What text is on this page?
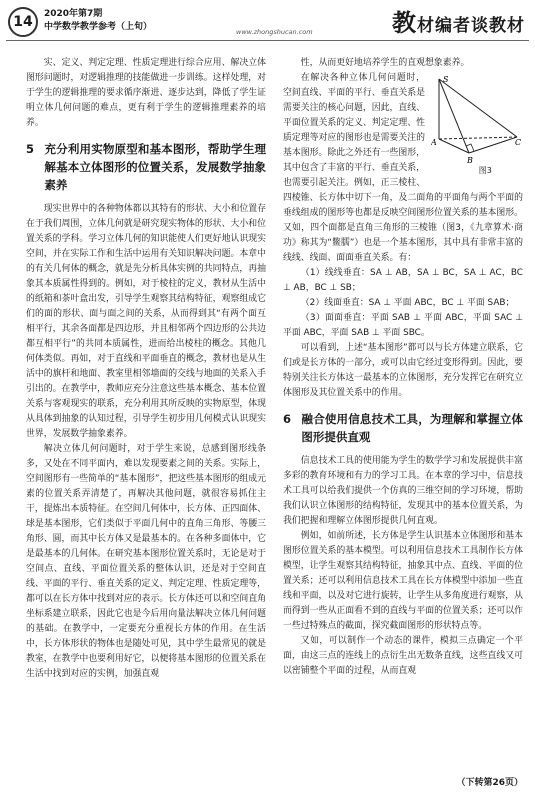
14	2020年第7期
中学数学教学参考（上旬）	www.zhongshucan.com	教材编者谈教材

实、定义、判定定理、性质定理进行综合应用、解决立体图形问题时，对逻辑推理的技能做进一步训练。这样处理，对于学生的逻辑推理的要求循序渐进、逐步达到，降低了学生证明立体几何问题的难点，更有利于学生的逻辑推理素养的培养。

5 充分利用实物原型和基本图形，帮助学生理解基本立体图形的位置关系，发展数学抽象素养

现实世界中的各种物体都以其特有的形状、大小和位置存在于我们周围，立体几何就是研究现实物体的形状、大小和位置关系的学科。学习立体几何的知识能使人们更好地认识现实空间，并在实际工作和生活中运用有关知识解决问题。本章中的有关几何体的概念，就是先分析具体实例的共同特点，再抽象其本质属性得到的。例如，对于棱柱的定义，教材从生活中的纸箱和茶叶盒出发，引导学生观察其结构特征，观察组成它们的面的形状、面与面之间的关系，从而得到其“有两个面互相平行，其余各面都是四边形，并且相邻两个四边形的公共边都互相平行”的共同本质属性，进而给出棱柱的概念。其他几何体类似。再如，对于直线和平面垂直的概念，教材也是从生活中的旗杆和地面、教室里相邻墙面的交线与地面的关系入手引出的。在教学中，教师应充分注意这些基本概念、基本位置关系与客观现实的联系，充分利用其所反映的实物原型，体现从具体到抽象的认知过程，引导学生初步用几何模式认识现实世界，发展数学抽象素养。

解决立体几何问题时，对于学生来说，总感到图形线条多，又处在不同平面内，难以发现要素之间的关系。实际上，空间图形有一些简单的“基本图形”，把这些基本图形的组成元素的位置关系弄清楚了，再解决其他问题，就很容易抓住主干，提炼出本质特征。在空间几何体中，长方体、正四面体、球是基本图形，它们类似于平面几何中的直角三角形、等腰三角形、圆，而其中长方体又是最基本的。在各种多面体中，它是最基本的几何体。在研究基本图形位置关系时，无论是对于空间点、直线、平面位置关系的整体认识，还是对于空间直线、平面的平行、垂直关系的定义、判定定理、性质定理等，都可以在长方体中找到对应的表示。长方体还可以和空间直角坐标系建立联系，因此它也是今后用向量法解决立体几何问题的基础。在教学中，一定要充分重视长方体的作用。在生活中，长方体形状的物体也是随处可见，其中学生最常见的就是教室，在教学中也要利用好它，以便将基本图形的位置关系在生活中找到对应的实例，加强直观

性，从而更好地培养学生的直观想象素养。

S
A
B
C
图3
在解决各种立体几何问题时，空间直线、平面的平行、垂直关系是需要关注的核心问题，因此，直线、平面位置关系的定义、判定定理、性质定理等对应的图形也是需要关注的基本图形。除此之外还有一些图形，其中包含了丰富的平行、垂直关系，也需要引起关注。例如，正三棱柱、四棱锥、长方体中切下一角，及二面角的平面角与两个平面的垂线组成的图形等也都是反映空间图形位置关系的基本图形。又如，四个面都是直角三角形的三棱锥（图3，《九章算术·商功》称其为“鳖臑”）也是一个基本图形，其中具有非常丰富的线线、线面、面面垂直关系。有：

（1）线线垂直：SA ⊥ AB，SA ⊥ BC，SA ⊥ AC，BC ⊥ AB，BC ⊥ SB；

（2）线面垂直：SA ⊥ 平面 ABC，BC ⊥ 平面 SAB；

（3）面面垂直：平面 SAB ⊥ 平面 ABC，平面 SAC ⊥ 平面 ABC，平面 SAB ⊥ 平面 SBC。

可以看到，上述“基本图形”都可以与长方体建立联系，它们或是长方体的一部分，或可以由它经过变形得到。因此，要特别关注长方体这一最基本的立体图形，充分发挥它在研究立体图形及其位置关系中的作用。

6 融合使用信息技术工具，为理解和掌握立体图形提供直观

信息技术工具的使用能为学生的数学学习和发展提供丰富多彩的教育环境和有力的学习工具。在本章的学习中，信息技术工具可以给我们提供一个仿真的三维空间的学习环境，帮助我们认识立体图形的结构特征，发现其中的基本位置关系，为我们把握和理解立体图形提供几何直观。

例如，如前所述，长方体是学生认识基本立体图形和基本图形位置关系的基本模型。可以利用信息技术工具制作长方体模型，让学生观察其结构特征，抽象其中点、直线、平面的位置关系；还可以利用信息技术工具在长方体模型中添加一些直线和平面，以及对它进行旋转，让学生从多角度进行观察，从而得到一些从正面看不到的直线与平面的位置关系；还可以作一些过特殊点的截面，探究截面图形的形状特点等。

又如，可以制作一个动态的课件，模拟三点确定一个平面，由这三点的连线上的点衍生出无数条直线，这些直线又可以密铺整个平面的过程，从而直观

（下转第26页）
